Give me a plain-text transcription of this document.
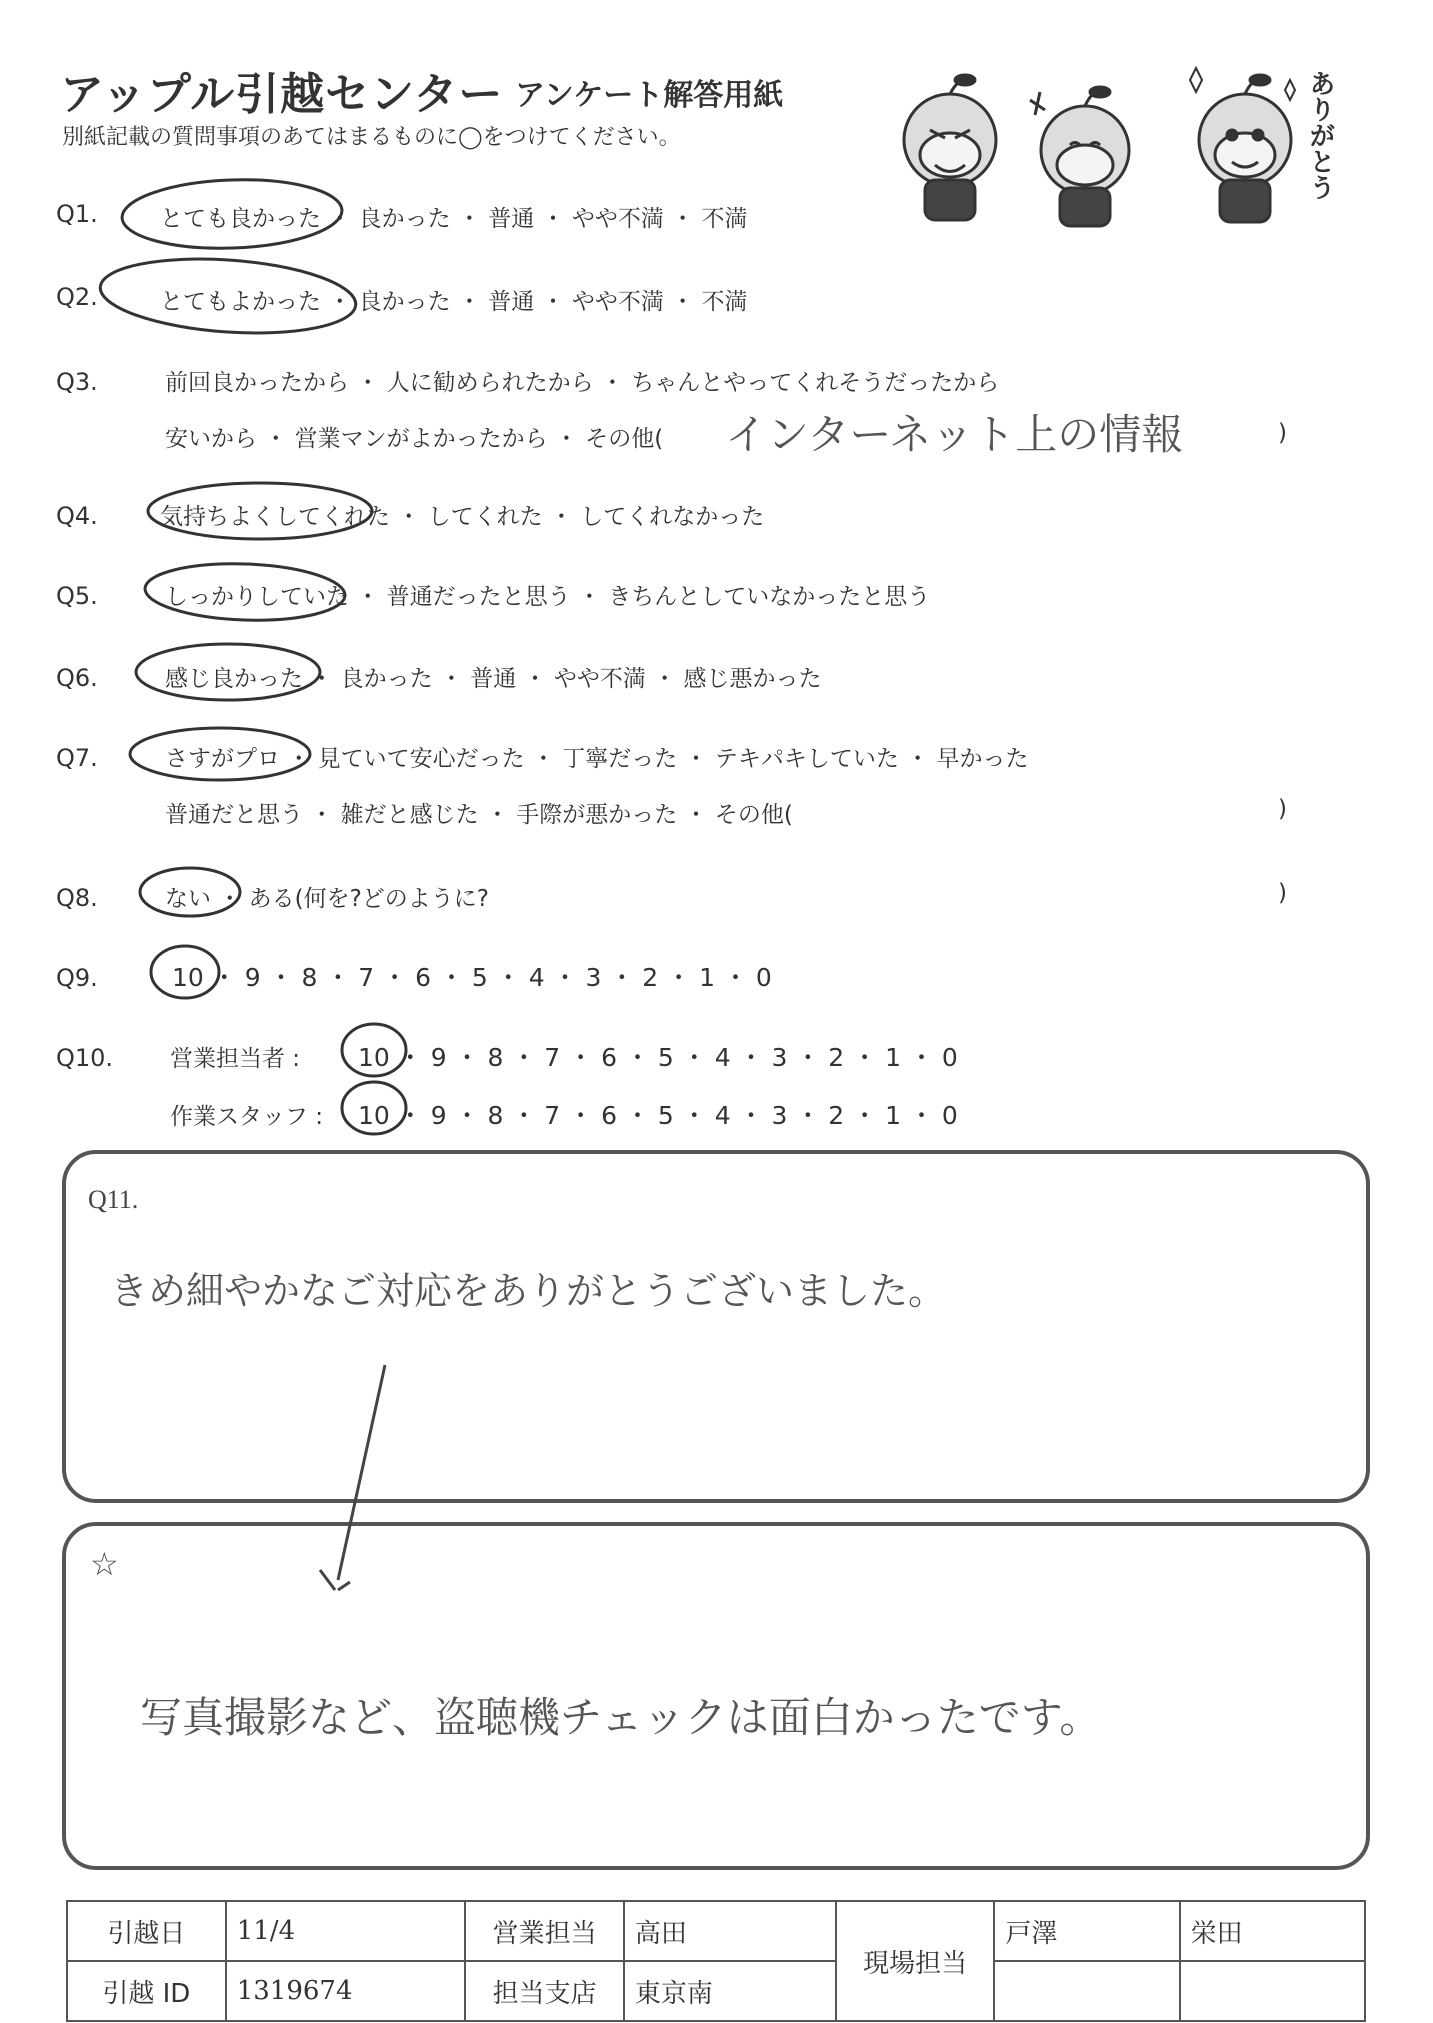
アップル引越センター アンケート解答用紙
別紙記載の質問事項のあてはまるものに◯をつけてください。	ありがとう
Q1.	とても良かった ・ 良かった ・ 普通 ・ やや不満 ・ 不満
Q2.	とてもよかった ・ 良かった ・ 普通 ・ やや不満 ・ 不満
Q3.	前回良かったから ・ 人に勧められたから ・ ちゃんとやってくれそうだったから
安いから ・ 営業マンがよかったから ・ その他( インターネット上の情報	)
Q4.	気持ちよくしてくれた ・ してくれた ・ してくれなかった
Q5.	しっかりしていた ・ 普通だったと思う ・ きちんとしていなかったと思う
Q6.	感じ良かった ・ 良かった ・ 普通 ・ やや不満 ・ 感じ悪かった
Q7.	さすがプロ ・ 見ていて安心だった ・ 丁寧だった ・ テキパキしていた ・ 早かった
普通だと思う ・ 雑だと感じた ・ 手際が悪かった ・ その他(	)
Q8.	ない ・ ある(何を?どのように?	)
Q9.	10 ・ 9 ・ 8 ・ 7 ・ 6 ・ 5 ・ 4 ・ 3 ・ 2 ・ 1 ・ 0
Q10. 営業担当者 : 10 ・ 9 ・ 8 ・ 7 ・ 6 ・ 5 ・ 4 ・ 3 ・ 2 ・ 1 ・ 0
作業スタッフ : 10 ・ 9 ・ 8 ・ 7 ・ 6 ・ 5 ・ 4 ・ 3 ・ 2 ・ 1 ・ 0
Q11.
きめ細やかなご対応をありがとうございました。
☆
写真撮影など、盗聴機チェックは面白かったです。
引越日	11/4	営業担当	高田	現場担当	戸澤	栄田
引越 ID	1319674	担当支店	東京南			
